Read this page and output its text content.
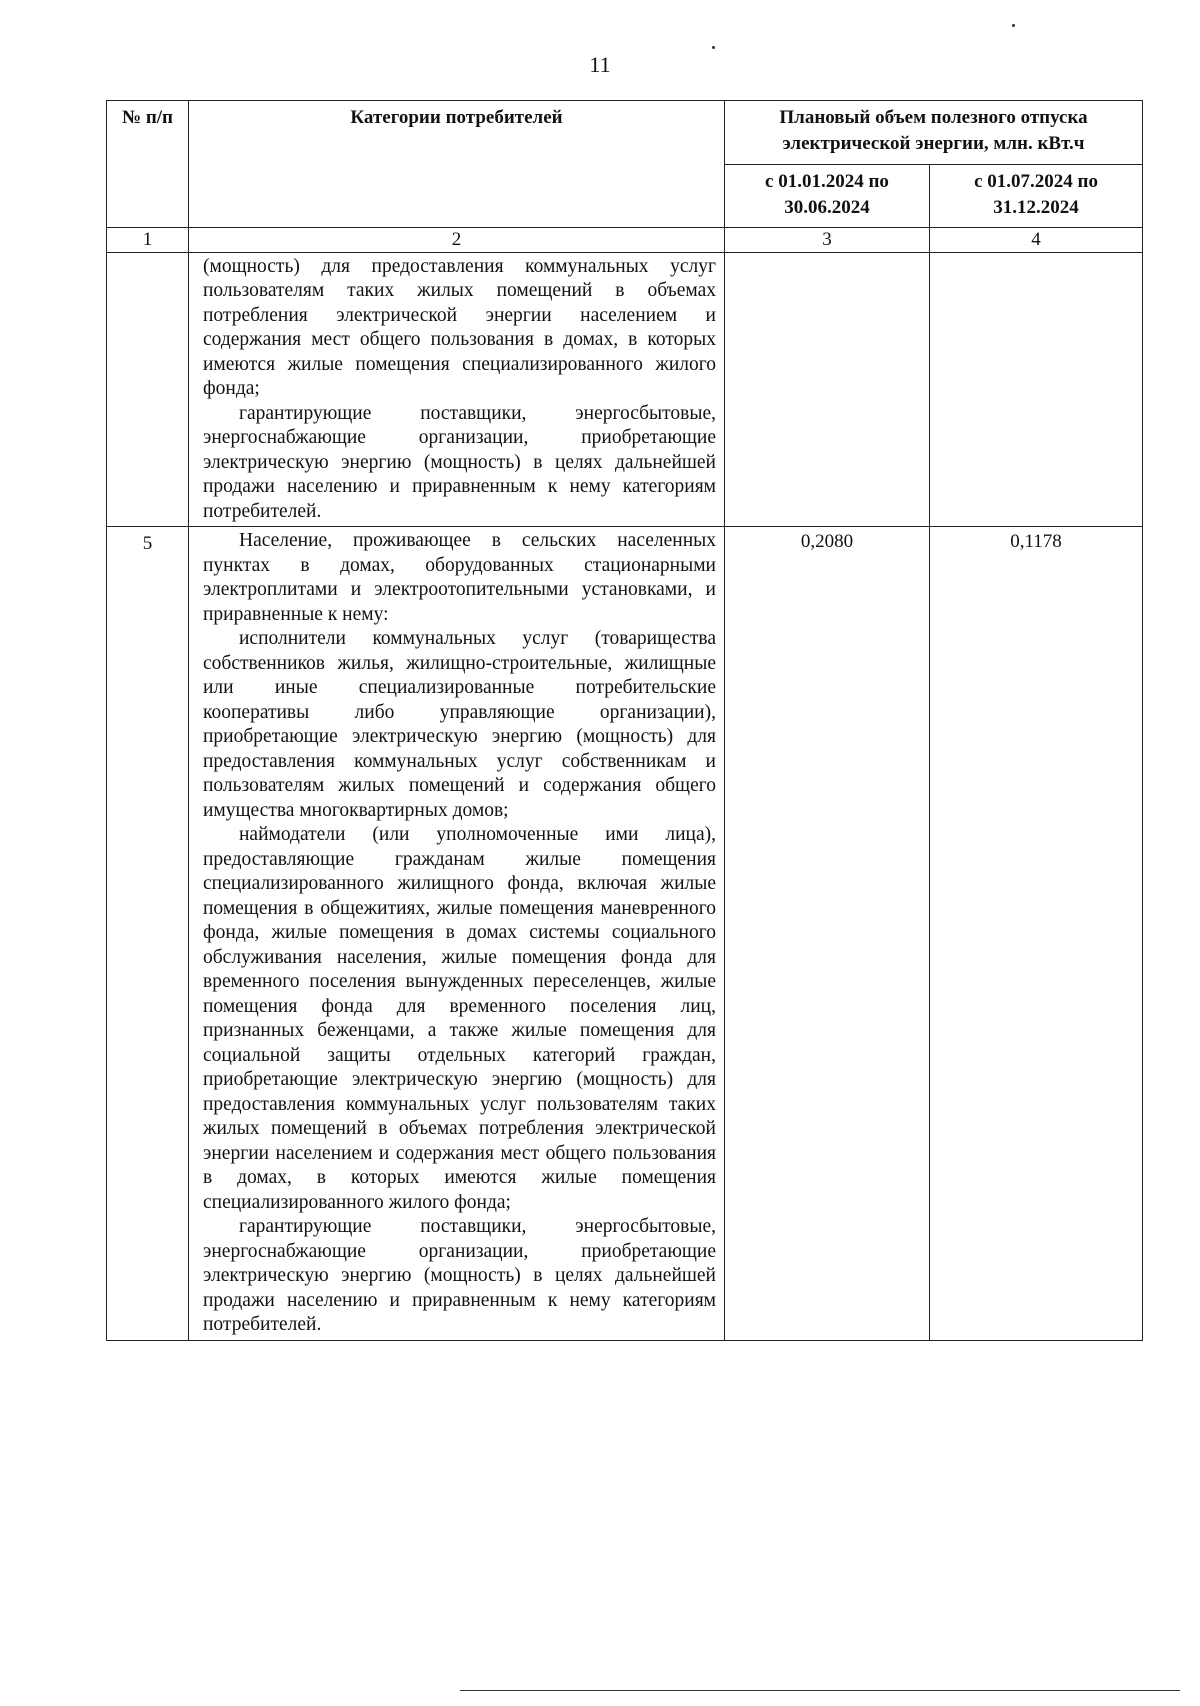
11
№ п/п	Категории потребителей	Плановый объем полезного отпуска электрической энергии, млн. кВт.ч	
		с 01.01.2024 по 30.06.2024	с 01.07.2024 по 31.12.2024
1	2	3	4

	(мощность) для предоставления коммунальных услуг пользователям таких жилых помещений в объемах потребления электрической энергии населением и содержания мест общего пользования в домах, в которых имеются жилые помещения специализированного жилого фонда;

гарантирующие поставщики, энергосбытовые, энергоснабжающие организации, приобретающие электрическую энергию (мощность) в целях дальнейшей продажи населению и приравненным к нему категориям потребителей.		

5	Население, проживающее в сельских населенных пунктах в домах, оборудованных стационарными электроплитами и электроотопительными установками, и приравненные к нему:

исполнители коммунальных услуг (товарищества собственников жилья, жилищно-строительные, жилищные или иные специализированные потребительские кооперативы либо управляющие организации), приобретающие электрическую энергию (мощность) для предоставления коммунальных услуг собственникам и пользователям жилых помещений и содержания общего имущества многоквартирных домов;

наймодатели (или уполномоченные ими лица), предоставляющие гражданам жилые помещения специализированного жилищного фонда, включая жилые помещения в общежитиях, жилые помещения маневренного фонда, жилые помещения в домах системы социального обслуживания населения, жилые помещения фонда для временного поселения вынужденных переселенцев, жилые помещения фонда для временного поселения лиц, признанных беженцами, а также жилые помещения для социальной защиты отдельных категорий граждан, приобретающие электрическую энергию (мощность) для предоставления коммунальных услуг пользователям таких жилых помещений в объемах потребления электрической энергии населением и содержания мест общего пользования в домах, в которых имеются жилые помещения специализированного жилого фонда;

гарантирующие поставщики, энергосбытовые, энергоснабжающие организации, приобретающие электрическую энергию (мощность) в целях дальнейшей продажи населению и приравненным к нему категориям потребителей.	0,2080	0,1178
